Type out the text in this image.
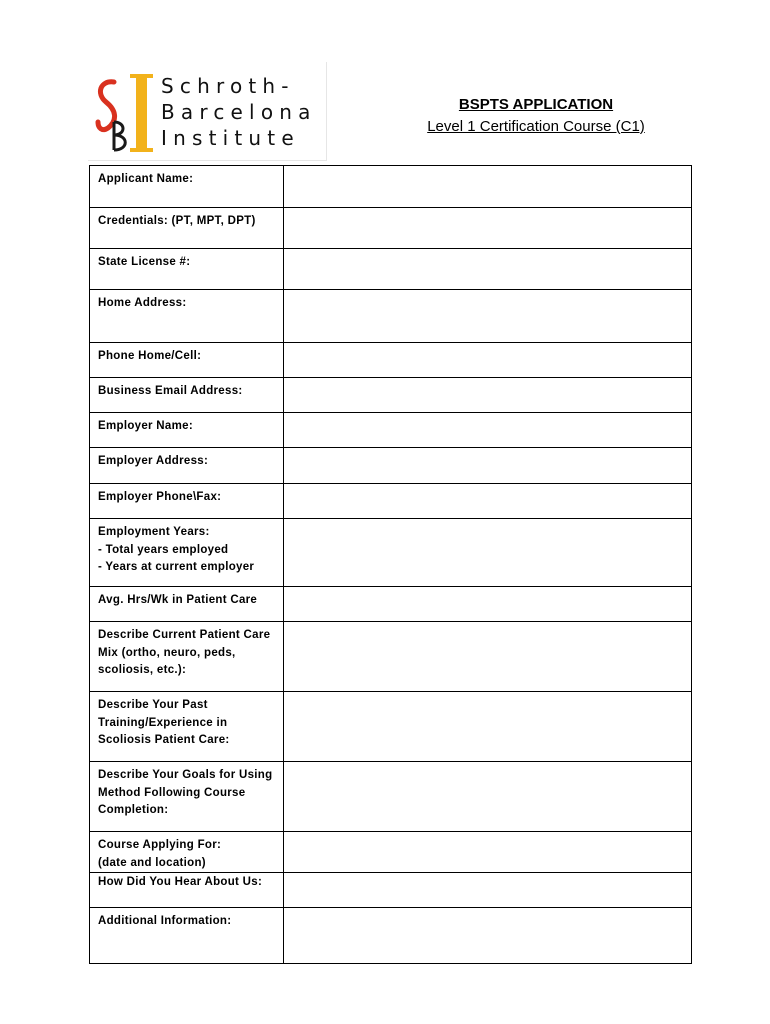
Schroth-
Barcelona
Institute
BSPTS APPLICATION
Level 1 Certification Course (C1)
Applicant Name:	

Credentials: (PT, MPT, DPT)	

State License #:	

Home Address:	

Phone Home/Cell:	

Business Email Address:	

Employer Name:	

Employer Address:	

Employer Phone\Fax:	

Employment Years:
- Total years employed
- Years at current employer	

Avg. Hrs/Wk in Patient Care	

Describe Current Patient Care
Mix (ortho, neuro, peds,
scoliosis, etc.):	

Describe Your Past
Training/Experience in
Scoliosis Patient Care:	

Describe Your Goals for Using
Method Following Course
Completion:	

Course Applying For:
(date and location)	

How Did You Hear About Us:	

Additional Information:	
